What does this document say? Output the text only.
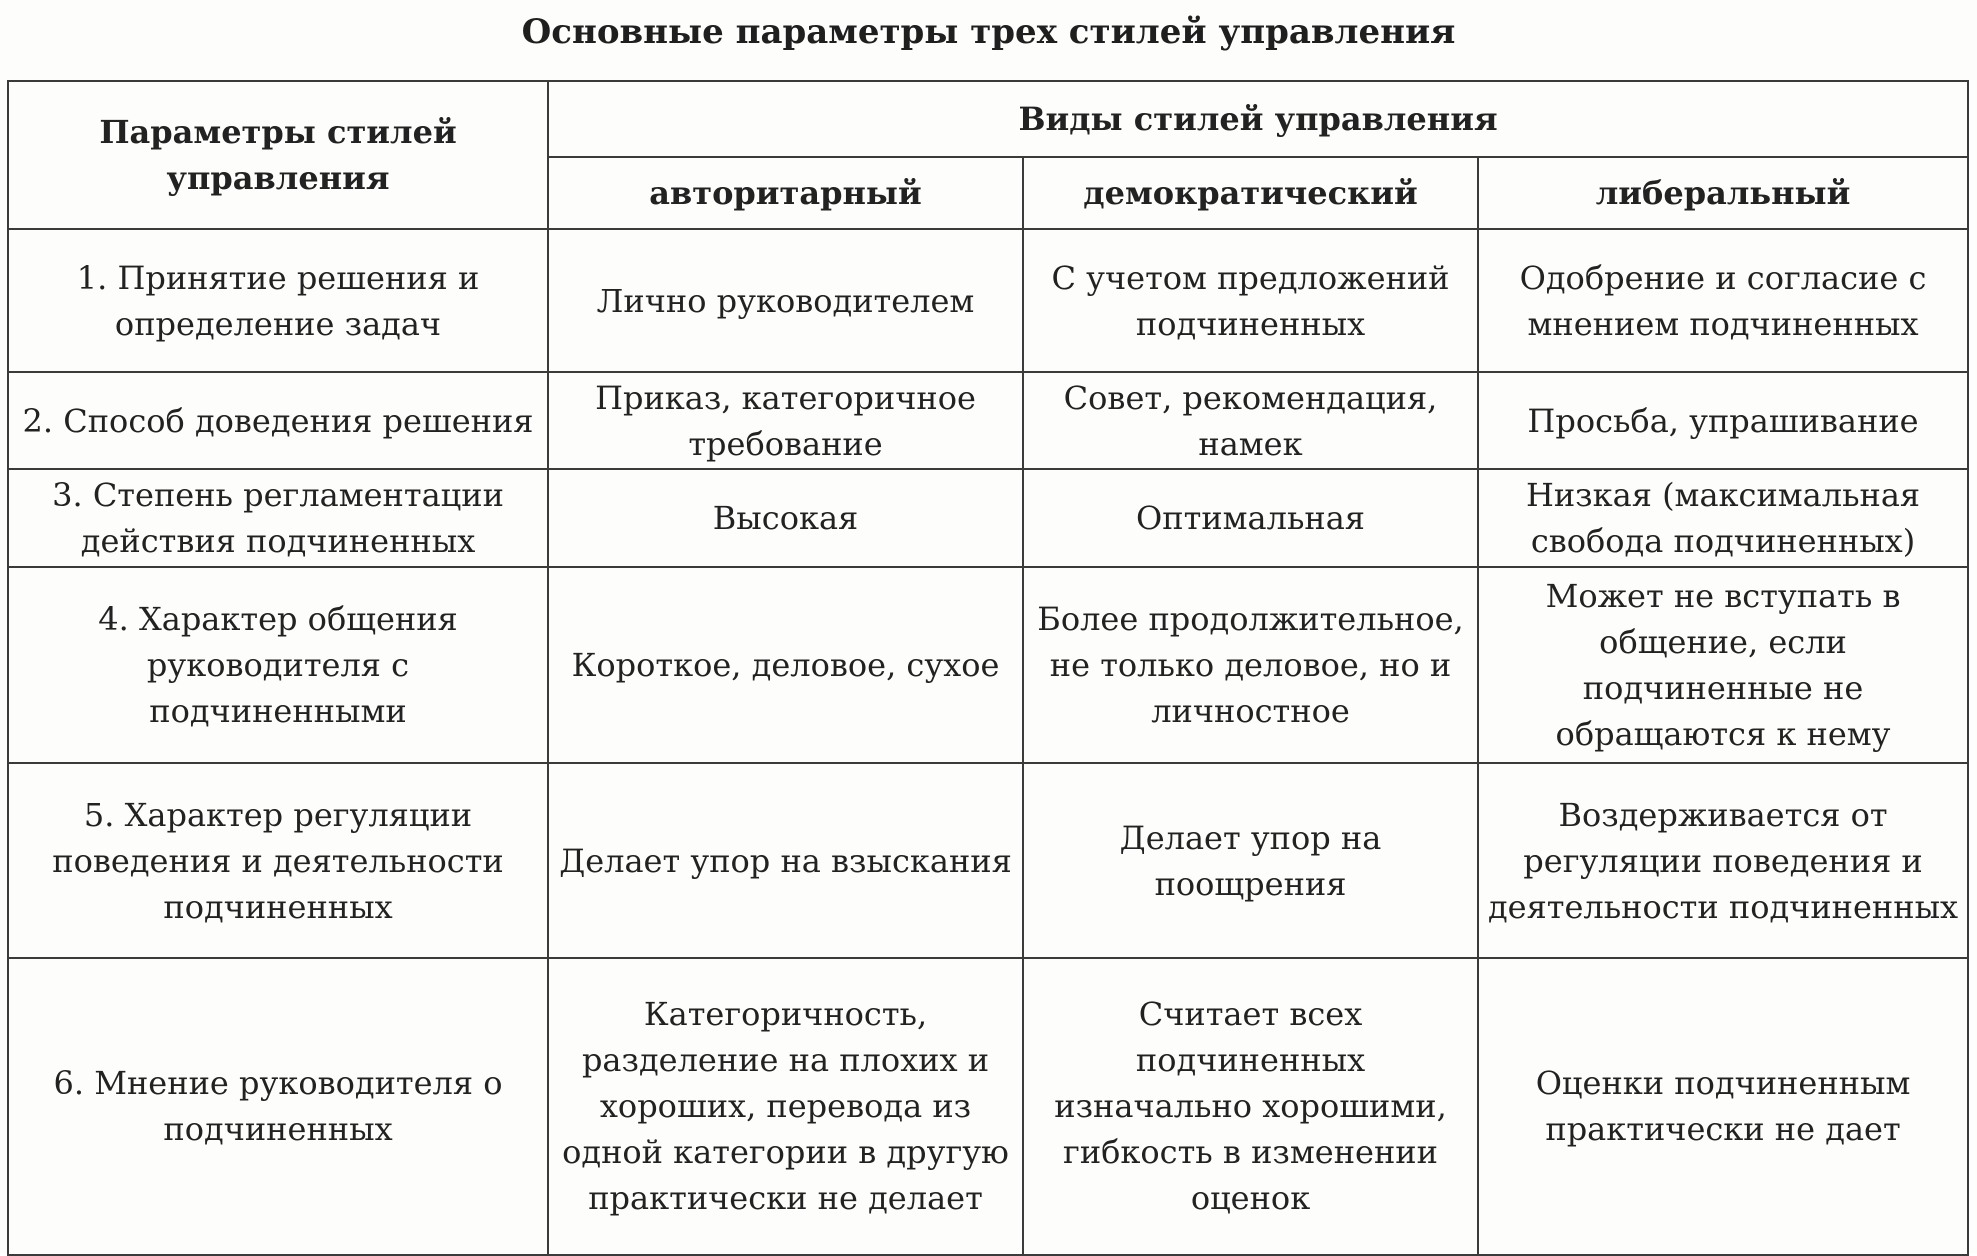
Основные параметры трех стилей управления
Параметры стилей управления	Виды стилей управления		
	авторитарный	демократический	либеральный
1. Принятие решения и определение задач	Лично руководителем	С учетом предложений подчиненных	Одобрение и согласие с мнением подчиненных
2. Способ доведения решения	Приказ, категоричное требование	Совет, рекомендация, намек	Просьба, упрашивание
3. Степень регламентации действия подчиненных	Высокая	Оптимальная	Низкая (максимальная свобода подчиненных)
4. Характер общения руководителя с подчиненными	Короткое, деловое, сухое	Более продолжительное, не только деловое, но и личностное	Может не вступать в общение, если подчиненные не обращаются к нему
5. Характер регуляции поведения и деятельности подчиненных	Делает упор на взыскания	Делает упор на поощрения	Воздерживается от регуляции поведения и деятельности подчиненных
6. Мнение руководителя о подчиненных	Категоричность, разделение на плохих и хороших, перевода из одной категории в другую практически не делает	Считает всех подчиненных изначально хорошими, гибкость в изменении оценок	Оценки подчиненным практически не дает
